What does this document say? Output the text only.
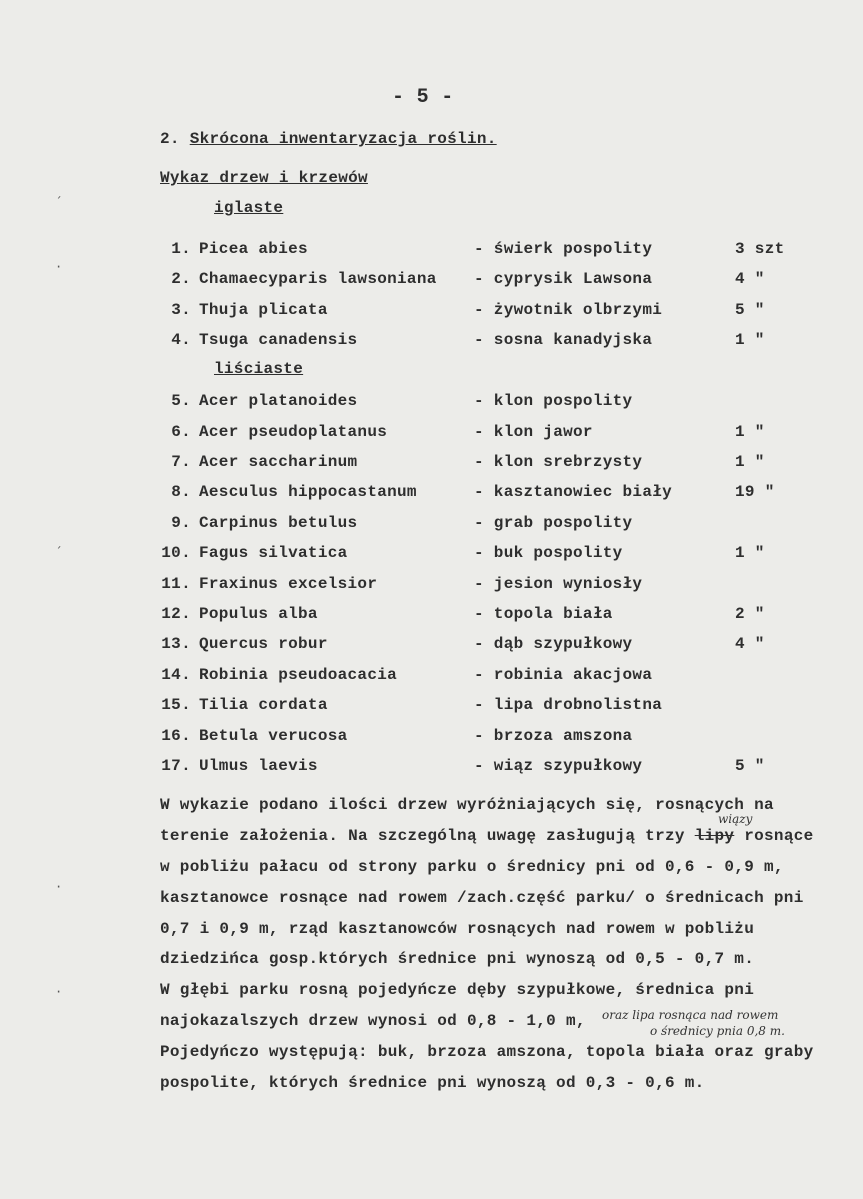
- 5 -
2. Skrócona inwentaryzacja roślin.
Wykaz drzew i krzewów
iglaste
1. Picea abies	- świerk pospolity	3 szt
2. Chamaecyparis lawsoniana - cyprysik Lawsona	4 "
3. Thuja plicata	- żywotnik olbrzymi	5 "
4. Tsuga canadensis	- sosna kanadyjska	1 "
5. Acer platanoides	- klon pospolity
6. Acer pseudoplatanus	- klon jawor	1 "
7. Acer saccharinum	- klon srebrzysty	1 "
8. Aesculus hippocastanum	- kasztanowiec biały	19 "
9. Carpinus betulus	- grab pospolity
10. Fagus silvatica	- buk pospolity	1 "
11. Fraxinus excelsior	- jesion wyniosły
12. Populus alba	- topola biała	2 "
13. Quercus robur	- dąb szypułkowy	4 "
14. Robinia pseudoacacia	- robinia akacjowa
15. Tilia cordata	- lipa drobnolistna
16. Betula verucosa	- brzoza amszona
17. Ulmus laevis	- wiąz szypułkowy	5 "
liściaste
W wykazie podano ilości drzew wyróżniających się, rosnących na
terenie założenia. Na szczególną uwagę zasługują trzy lipy rosnące
wiązy
w pobliżu pałacu od strony parku o średnicy pni od 0,6 - 0,9 m,
kasztanowce rosnące nad rowem /zach.część parku/ o średnicach pni
0,7 i 0,9 m, rząd kasztanowców rosnących nad rowem w pobliżu
dziedzińca gosp.których średnice pni wynoszą od 0,5 - 0,7 m.
W głębi parku rosną pojedyńcze dęby szypułkowe, średnica pni
najokazalszych drzew wynosi od 0,8 - 1,0 m, oraz lipa rosnąca nad rowem
o średnicy pnia 0,8 m.
Pojedyńczo występują: buk, brzoza amszona, topola biała oraz graby
pospolite, których średnice pni wynoszą od 0,3 - 0,6 m.
´
·
´
·
·
